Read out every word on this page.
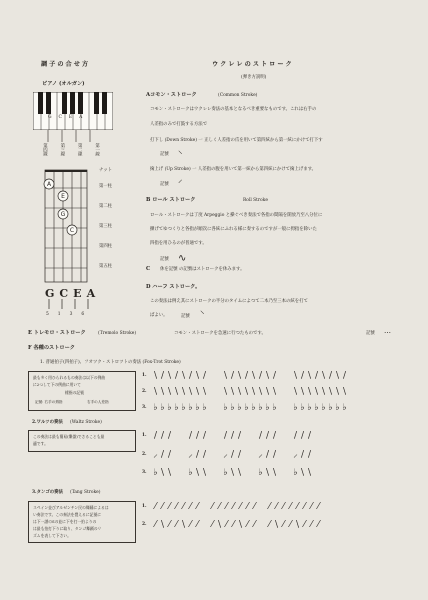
調子の合せ方
ピアノ (オルガン)
G C E A
第四線	第三線	第二線	第一線
A
E
G
C
ナット
第一柱
第二柱
第三柱
第四柱
第五柱
G C E A
5 1 3 6
ウクレレのストローク
(弾き方説明)
Aコモン・ストローク	(Common Stroke)
コモン・ストロークはウクレレ奏法の基本となるべき重要なものです。これは右手の
人差指のみで打鼓する方法で
打下し (Down Stroke) 一 正しく人差指の爪を用いて第四絃から第一絃にかけて打下す
記號 ⸌
掬上げ (Up Stroke) 一 人差指の腹を用いて第一絃から第四絃にかけて掬上げます。
記號 ⸍
B ロール ストローク	Roll Stroke
ロール・ストロークは丁度 Arpeggio と操ぐべき奏法で各指の間隔を開放乃至八分位に
擴げてゆつくりと各指が順次に各絃にふれる様に奏するのですが一般に拇指を除いた
四指を用ひるのが普通です。
記號 ∿
C 休を記號 の記號はストロークを休みます。
D ハーフ ストローク。
この奏法は例え其にストロークの半分のタイムによつて二本乃至三本の絃を打て
ばよい。	記號 ⸌
E トレモロ・ストローク	(Tremolo Stroke)	コモン・ストロークを急速に行つたものです。	記號 ⋯
F 各種のストローク
1. 普通拍子(四拍子)、フオツク・ストロツトの奏法 (Fox-Trot Stroke)
最も多く用ひられるもの奏法は以下の例曲
に2つして下の例曲に用いて
樣指の記號
記號: 右手の拇指	右手の人差指
1. \ / \ / \ / \ / \ / \ / \ / \ / \ / \ / \ / \ /
2. \ \ \ \ \ \ \ \ \ \ \ \ \ \ \ \ \ \ \ \ \ \ \ \
3. ♭ ♭ ♭ ♭ ♭ ♭ ♭ ♭ ♭ ♭ ♭ ♭ ♭ ♭ ♭ ♭ ♭ ♭ ♭ ♭ ♭ ♭ ♭ ♭
2.ワルツの奏法 (Waltz Stroke)
この奏法は最も簡易(樂器)でさることも最
適です。
1. / / / / / / / / / / / / / / /
2. ⸝ / / ⸝ / / ⸝ / / ⸝ / / ⸝ / /
3. ♭ \ \ ♭ \ \ ♭ \ \ ♭ \ \ ♭ \ \
3.タンゴの奏法 (Tang Stroke)
スペイン並びアルゼンチン民の舞踊によるは
い奏法です。この奏法を覺えるに記號に
は下一譜のSの並に下を打一拍よりの
は最も拍打下りに取り、タンゴ舞踊のリ
ズムを表して下さい。
1. ⁄ ⁄ ⁄ ⁄ ⁄ ⁄ ⁄	⁄ ⁄ ⁄ ⁄ ⁄ ⁄ ⁄	⁄ ⁄ ⁄ ⁄ ⁄ ⁄ ⁄ ⁄
2. ⁄ \ ⁄ ⁄ \ ⁄ ⁄	⁄ \ ⁄ ⁄ \ ⁄ ⁄	⁄ \ ⁄ ⁄ \ ⁄ ⁄ ⁄
